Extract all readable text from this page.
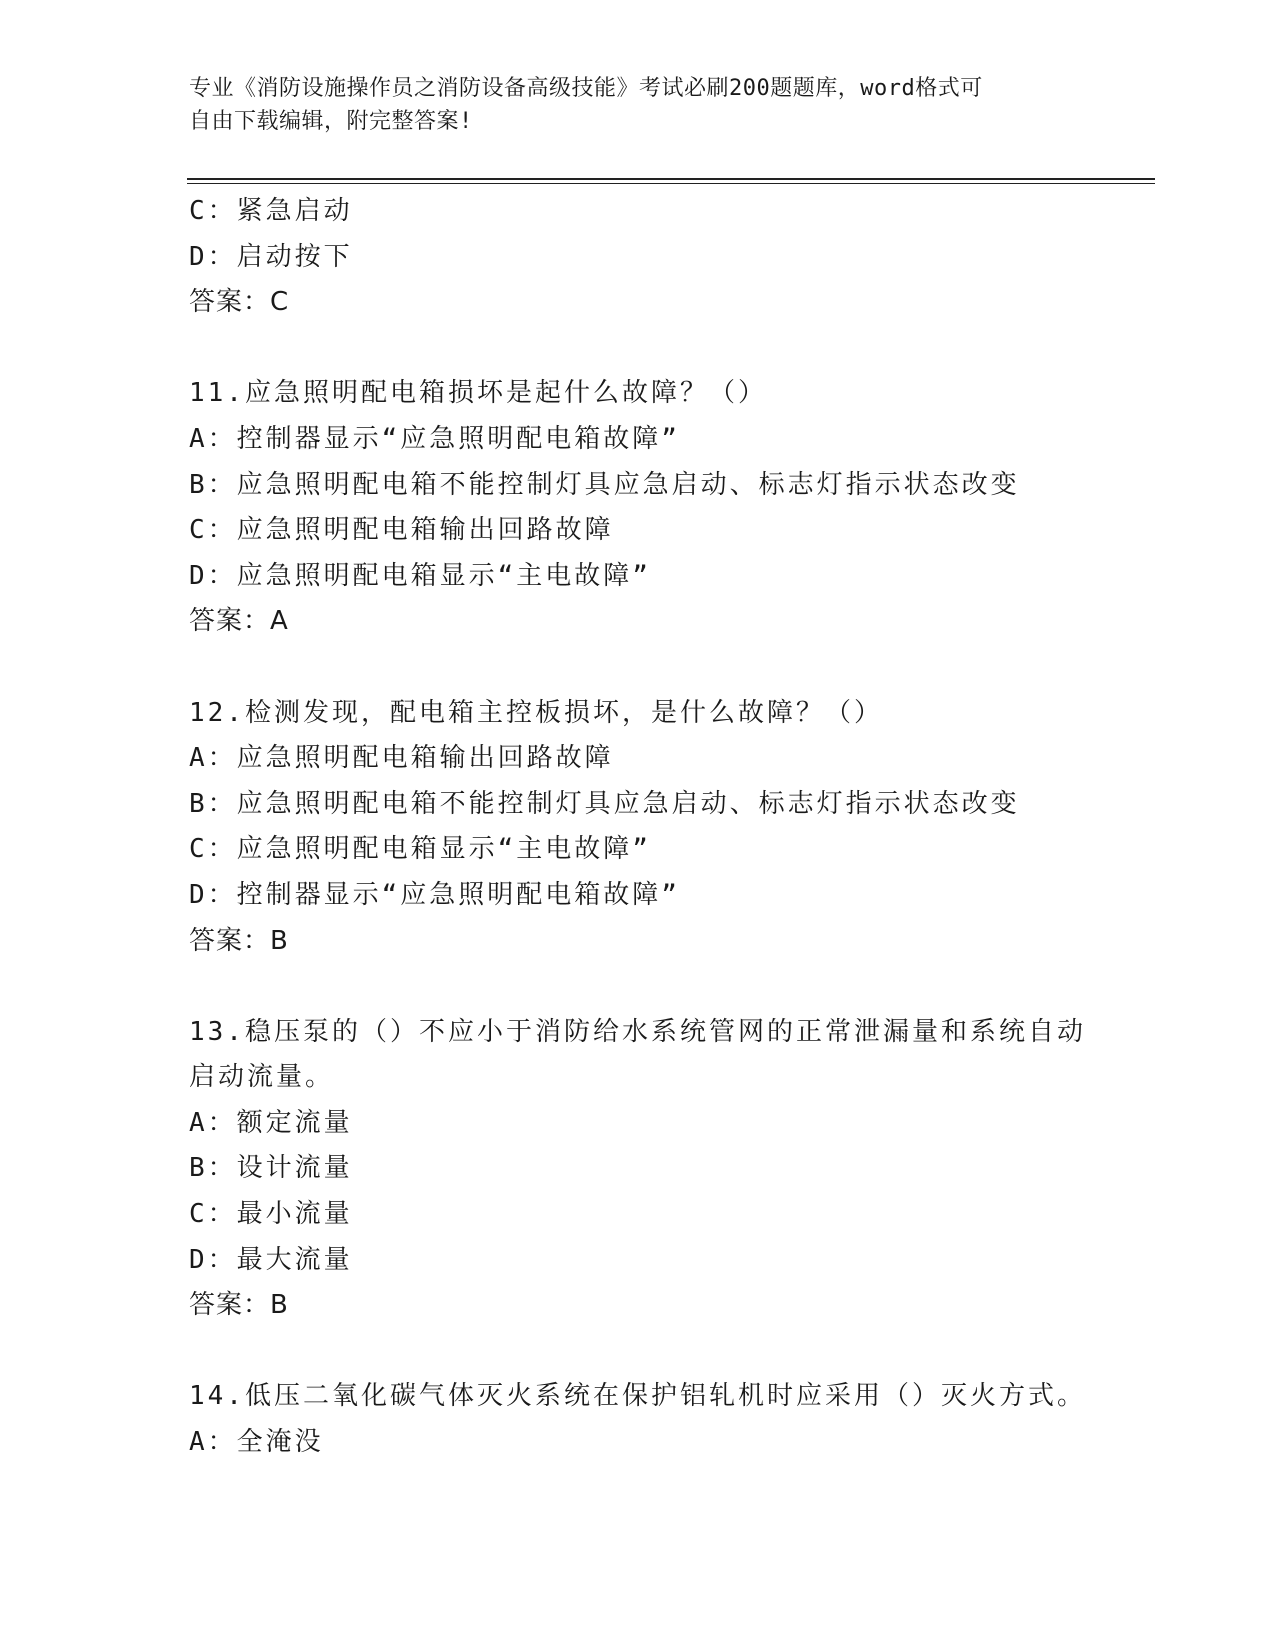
专业《消防设施操作员之消防设备高级技能》考试必刷200题题库，word格式可
自由下载编辑，附完整答案!
C：紧急启动
D：启动按下
答案：C
11.应急照明配电箱损坏是起什么故障？（）
A：控制器显示“应急照明配电箱故障”
B：应急照明配电箱不能控制灯具应急启动、标志灯指示状态改变
C：应急照明配电箱输出回路故障
D：应急照明配电箱显示“主电故障”
答案：A
12.检测发现，配电箱主控板损坏，是什么故障？（）
A：应急照明配电箱输出回路故障
B：应急照明配电箱不能控制灯具应急启动、标志灯指示状态改变
C：应急照明配电箱显示“主电故障”
D：控制器显示“应急照明配电箱故障”
答案：B
13.稳压泵的（）不应小于消防给水系统管网的正常泄漏量和系统自动
启动流量。
A：额定流量
B：设计流量
C：最小流量
D：最大流量
答案：B
14.低压二氧化碳气体灭火系统在保护铝轧机时应采用（）灭火方式。
A：全淹没
